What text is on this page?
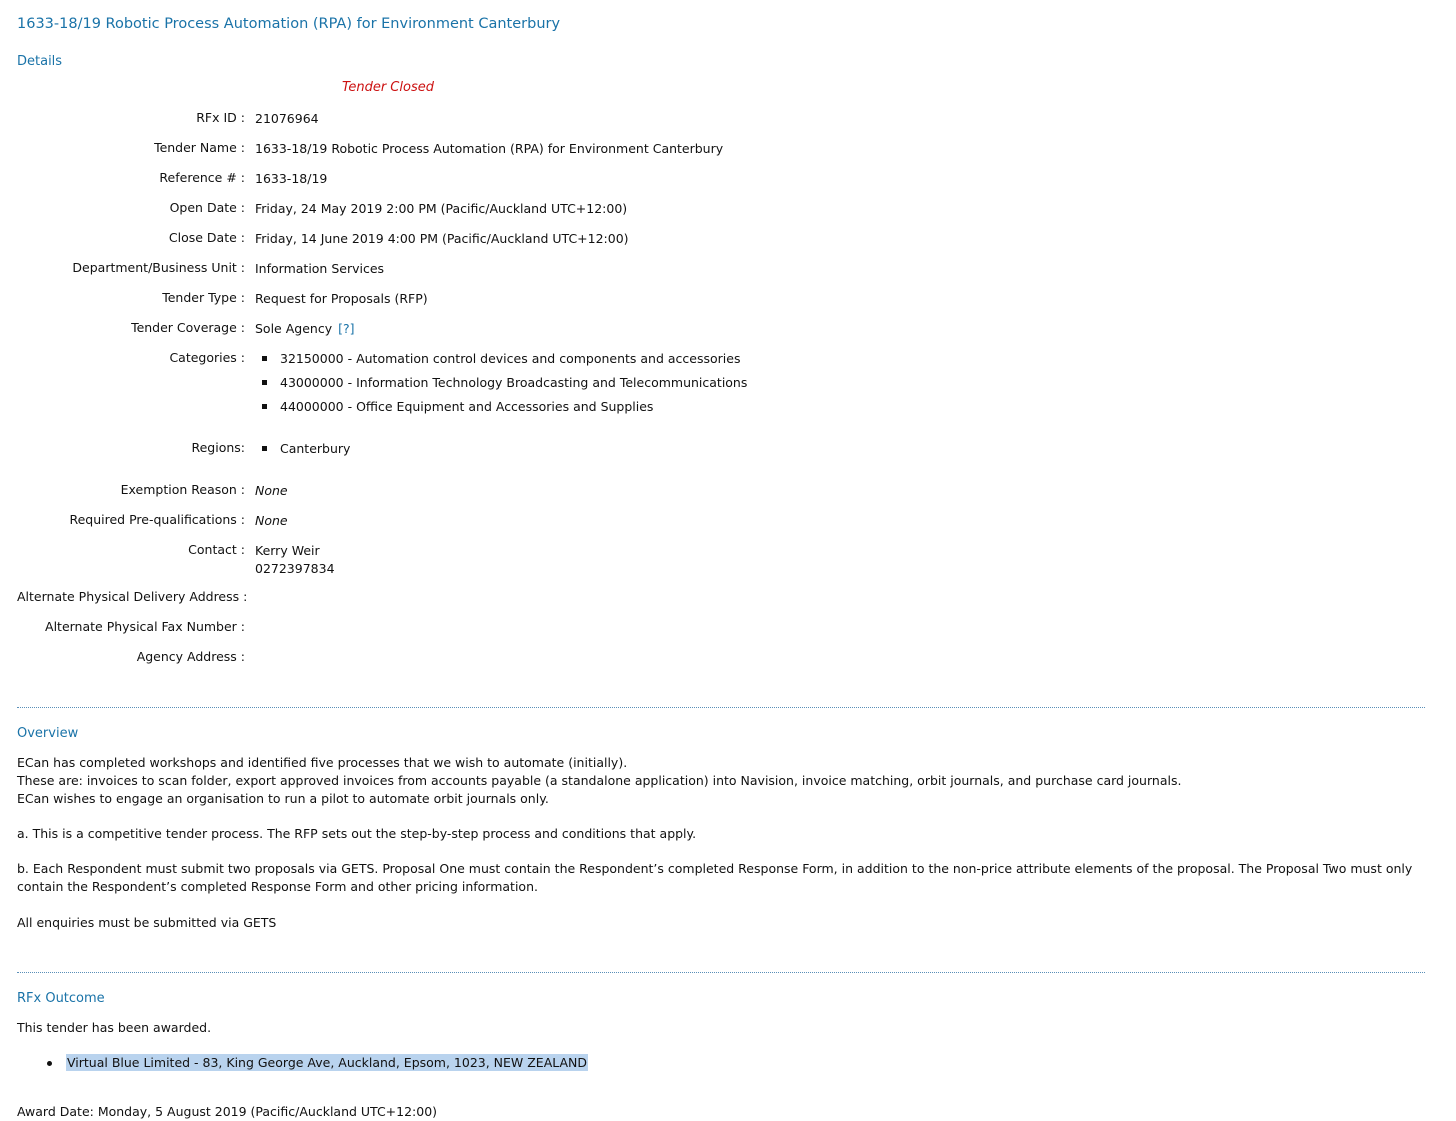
1633-18/19 Robotic Process Automation (RPA) for Environment Canterbury
Details
Tender Closed
RFx ID : 21076964
Tender Name : 1633-18/19 Robotic Process Automation (RPA) for Environment Canterbury
Reference # : 1633-18/19
Open Date : Friday, 24 May 2019 2:00 PM (Pacific/Auckland UTC+12:00)
Close Date : Friday, 14 June 2019 4:00 PM (Pacific/Auckland UTC+12:00)
Department/Business Unit : Information Services
Tender Type : Request for Proposals (RFP)
Tender Coverage : Sole Agency [?]
Categories :	32150000 - Automation control devices and components and accessories
43000000 - Information Technology Broadcasting and Telecommunications
44000000 - Office Equipment and Accessories and Supplies
Regions:	Canterbury
Exemption Reason : None
Required Pre-qualifications : None
Contact : Kerry Weir
0272397834
Alternate Physical Delivery Address :
Alternate Physical Fax Number :
Agency Address :
Overview
ECan has completed workshops and identified five processes that we wish to automate (initially).
These are: invoices to scan folder, export approved invoices from accounts payable (a standalone application) into Navision, invoice matching, orbit journals, and purchase card journals.
ECan wishes to engage an organisation to run a pilot to automate orbit journals only.
a. This is a competitive tender process. The RFP sets out the step-by-step process and conditions that apply.
b. Each Respondent must submit two proposals via GETS. Proposal One must contain the Respondent’s completed Response Form, in addition to the non-price attribute elements of the proposal. The Proposal Two must only contain the Respondent’s completed Response Form and other pricing information.
All enquiries must be submitted via GETS
RFx Outcome
This tender has been awarded.
Virtual Blue Limited - 83, King George Ave, Auckland, Epsom, 1023, NEW ZEALAND
Award Date: Monday, 5 August 2019 (Pacific/Auckland UTC+12:00)
